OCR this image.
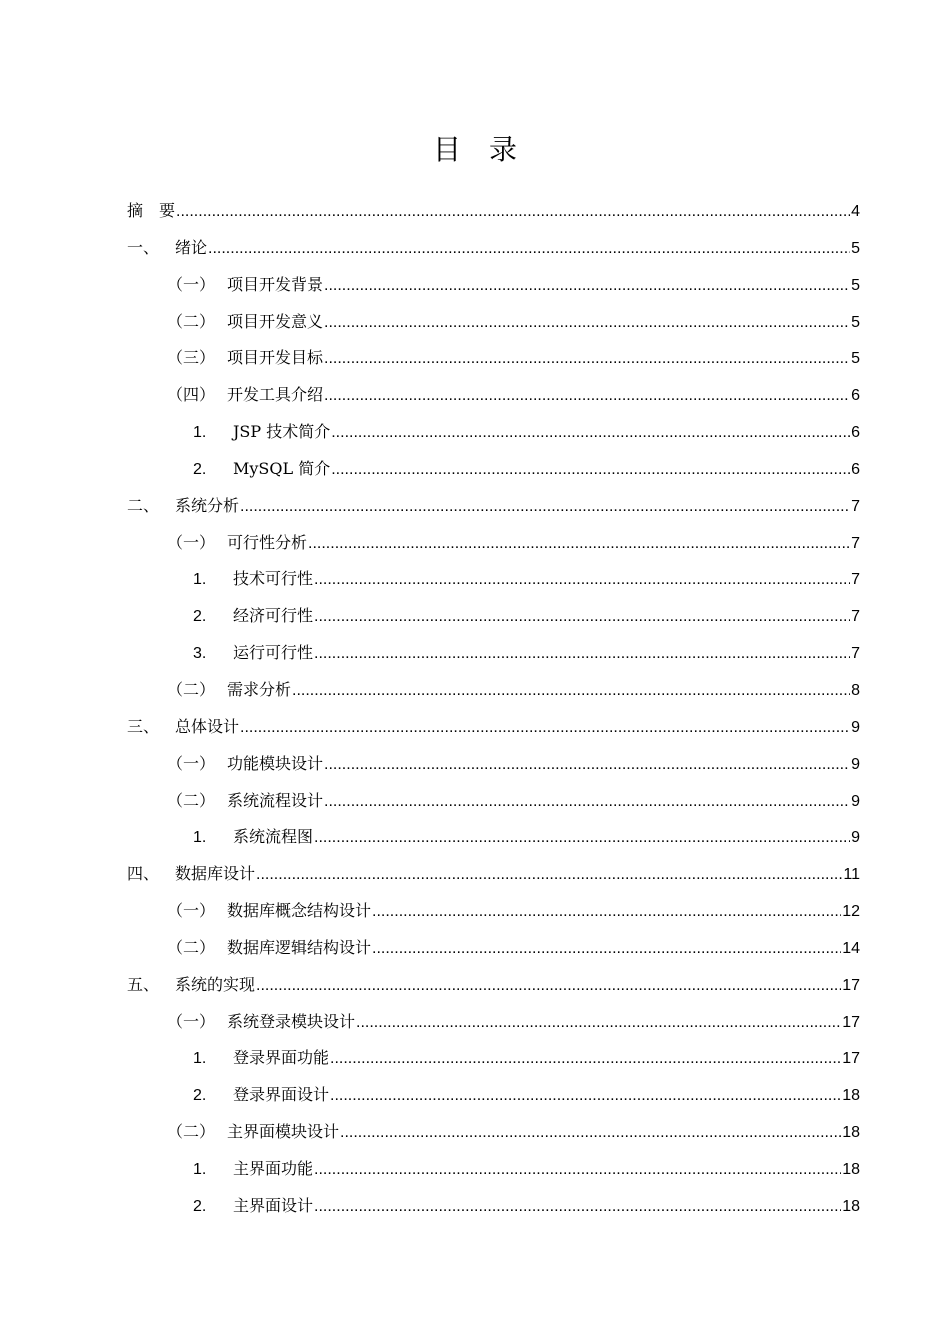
目　录
摘　要 .....	4
一、 绪论 .....	5
（一） 项目开发背景 .....	5
（二） 项目开发意义 .....	5
（三） 项目开发目标 .....	5
（四） 开发工具介绍 .....	6
1.	JSP 技术简介 .....	6
2.	MySQL 简介 .....	6
二、 系统分析 .....	7
（一） 可行性分析 .....	7
1.	技术可行性 .....	7
2.	经济可行性 .....	7
3.	运行可行性 .....	7
（二） 需求分析 .....	8
三、 总体设计 .....	9
（一） 功能模块设计 .....	9
（二） 系统流程设计 .....	9
1.	系统流程图 .....	9
四、 数据库设计 .....	11
（一） 数据库概念结构设计 .....	12
（二） 数据库逻辑结构设计 .....	14
五、 系统的实现 .....	17
（一） 系统登录模块设计 .....	17
1.	登录界面功能 .....	17
2.	登录界面设计 .....	18
（二） 主界面模块设计 .....	18
1.	主界面功能 .....	18
2.	主界面设计 .....	18
